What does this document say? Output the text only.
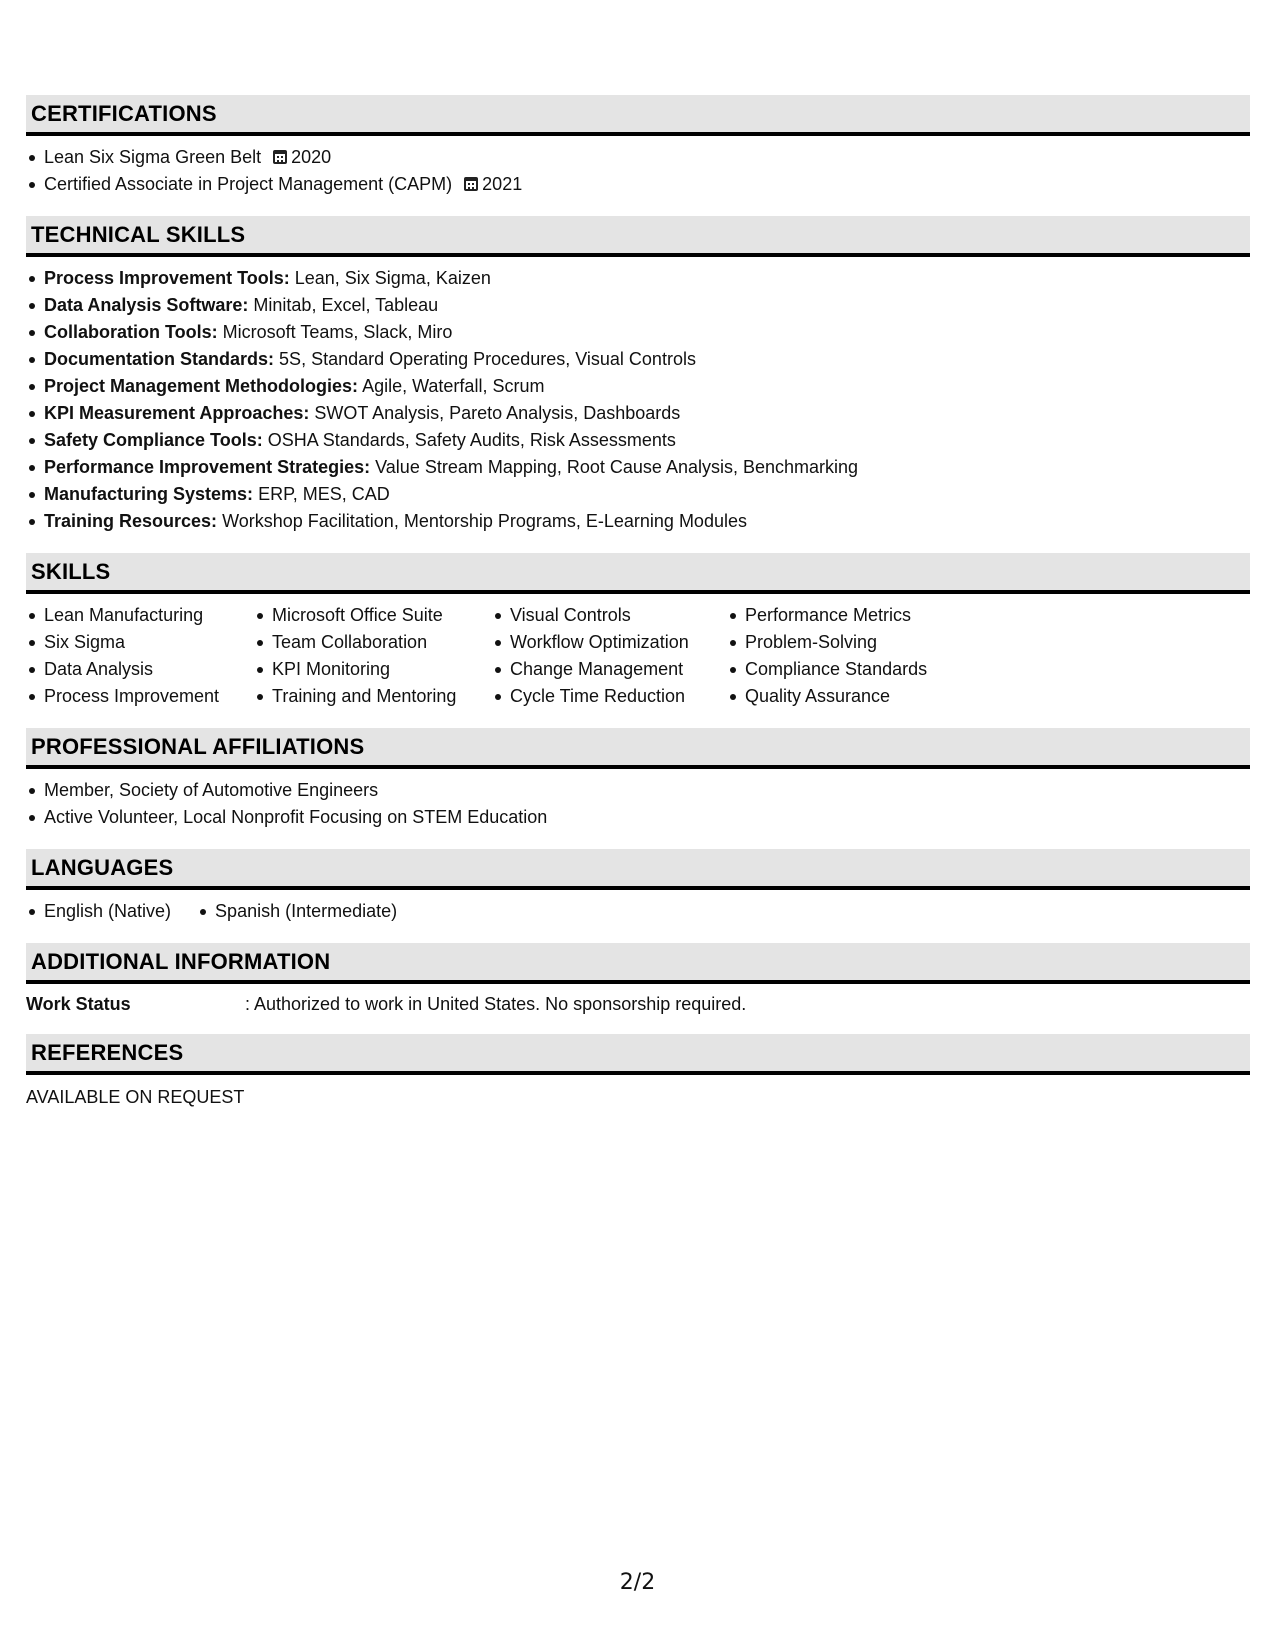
CERTIFICATIONS
Lean Six Sigma Green Belt 2020
Certified Associate in Project Management (CAPM) 2021
TECHNICAL SKILLS
Process Improvement Tools: Lean, Six Sigma, Kaizen
Data Analysis Software: Minitab, Excel, Tableau
Collaboration Tools: Microsoft Teams, Slack, Miro
Documentation Standards: 5S, Standard Operating Procedures, Visual Controls
Project Management Methodologies: Agile, Waterfall, Scrum
KPI Measurement Approaches: SWOT Analysis, Pareto Analysis, Dashboards
Safety Compliance Tools: OSHA Standards, Safety Audits, Risk Assessments
Performance Improvement Strategies: Value Stream Mapping, Root Cause Analysis, Benchmarking
Manufacturing Systems: ERP, MES, CAD
Training Resources: Workshop Facilitation, Mentorship Programs, E-Learning Modules
SKILLS
Lean Manufacturing
Six Sigma
Data Analysis
Process Improvement
Microsoft Office Suite
Team Collaboration
KPI Monitoring
Training and Mentoring
Visual Controls
Workflow Optimization
Change Management
Cycle Time Reduction
Performance Metrics
Problem-Solving
Compliance Standards
Quality Assurance
PROFESSIONAL AFFILIATIONS
Member, Society of Automotive Engineers
Active Volunteer, Local Nonprofit Focusing on STEM Education
LANGUAGES
English (Native) Spanish (Intermediate)
ADDITIONAL INFORMATION
Work Status	: Authorized to work in United States. No sponsorship required.
REFERENCES
AVAILABLE ON REQUEST
2/2
